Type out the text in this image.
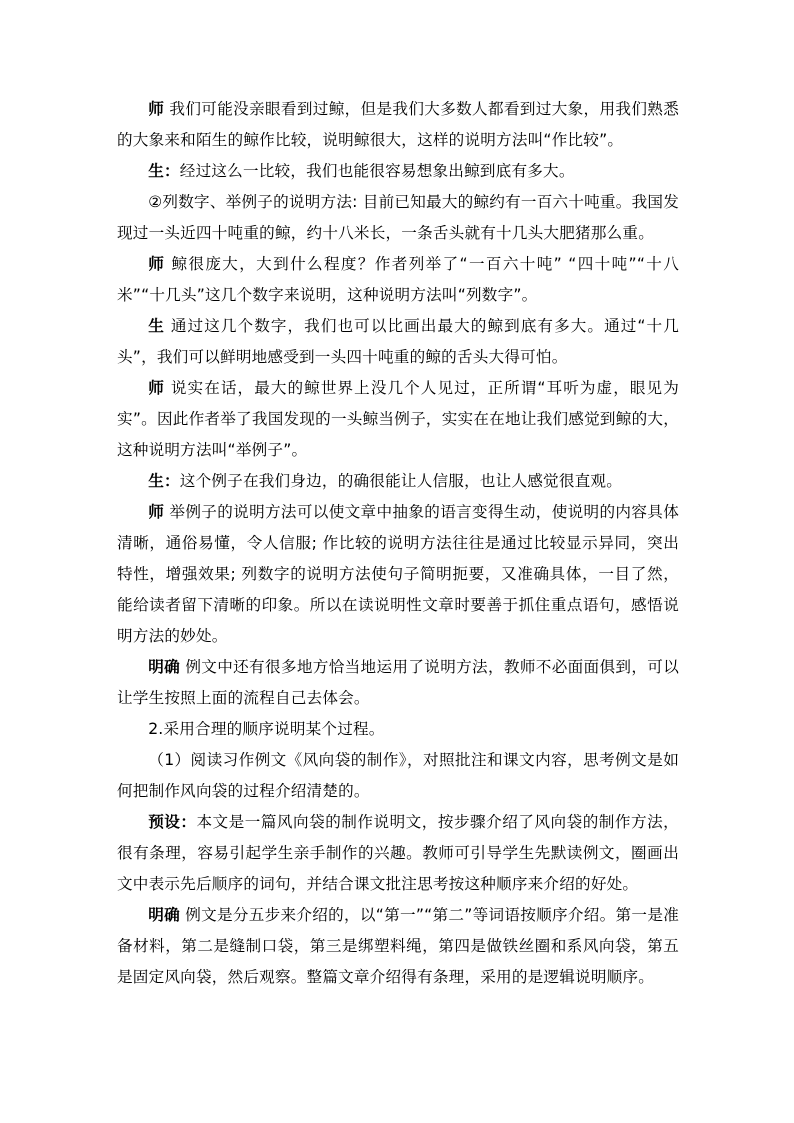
师 我们可能没亲眼看到过鲸，但是我们大多数人都看到过大象，用我们熟悉的大象来和陌生的鲸作比较，说明鲸很大，这样的说明方法叫“作比较”。

生：经过这么一比较，我们也能很容易想象出鲸到底有多大。

②列数字、举例子的说明方法: 目前已知最大的鲸约有一百六十吨重。我国发现过一头近四十吨重的鲸，约十八米长，一条舌头就有十几头大肥猪那么重。

师 鲸很庞大，大到什么程度？作者列举了“一百六十吨” “四十吨”“十八米”“十几头”这几个数字来说明，这种说明方法叫“列数字”。

生 通过这几个数字，我们也可以比画出最大的鲸到底有多大。通过“十几头”，我们可以鲜明地感受到一头四十吨重的鲸的舌头大得可怕。

师 说实在话，最大的鲸世界上没几个人见过，正所谓“耳听为虚，眼见为实”。因此作者举了我国发现的一头鲸当例子，实实在在地让我们感觉到鲸的大，这种说明方法叫“举例子”。

生：这个例子在我们身边，的确很能让人信服，也让人感觉很直观。

师 举例子的说明方法可以使文章中抽象的语言变得生动，使说明的内容具体清晰，通俗易懂，令人信服; 作比较的说明方法往往是通过比较显示异同，突出特性，增强效果; 列数字的说明方法使句子简明扼要，又准确具体，一目了然，能给读者留下清晰的印象。所以在读说明性文章时要善于抓住重点语句，感悟说明方法的妙处。

明确 例文中还有很多地方恰当地运用了说明方法，教师不必面面俱到，可以让学生按照上面的流程自己去体会。

2.采用合理的顺序说明某个过程。

（1）阅读习作例文《风向袋的制作》，对照批注和课文内容，思考例文是如何把制作风向袋的过程介绍清楚的。

预设：本文是一篇风向袋的制作说明文，按步骤介绍了风向袋的制作方法，很有条理，容易引起学生亲手制作的兴趣。教师可引导学生先默读例文，圈画出文中表示先后顺序的词句，并结合课文批注思考按这种顺序来介绍的好处。

明确 例文是分五步来介绍的，以“第一”“第二”等词语按顺序介绍。第一是准备材料，第二是缝制口袋，第三是绑塑料绳，第四是做铁丝圈和系风向袋，第五是固定风向袋，然后观察。整篇文章介绍得有条理，采用的是逻辑说明顺序。
